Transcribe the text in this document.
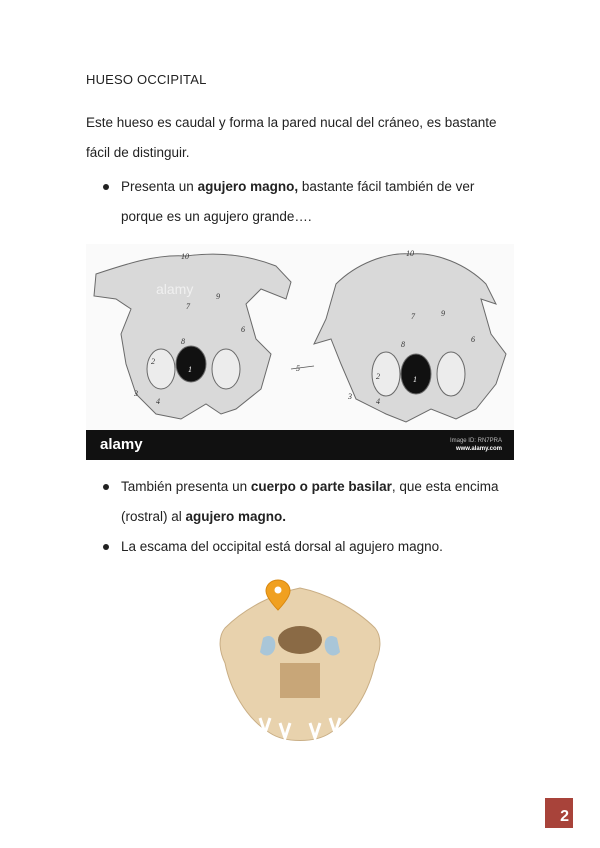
HUESO OCCIPITAL
Este hueso es caudal y forma la pared nucal del cráneo, es bastante fácil de distinguir.
Presenta un agujero magno, bastante fácil también de ver porque es un agujero grande….
10
7
8
9
1
2
3
4
6
5
10
7
8
9
1
2
3
4
6
alamy
alamy	Image ID: RN7PRA
www.alamy.com
También presenta un cuerpo o parte basilar, que esta encima (rostral) al agujero magno.
La escama del occipital está dorsal al agujero magno.
2
